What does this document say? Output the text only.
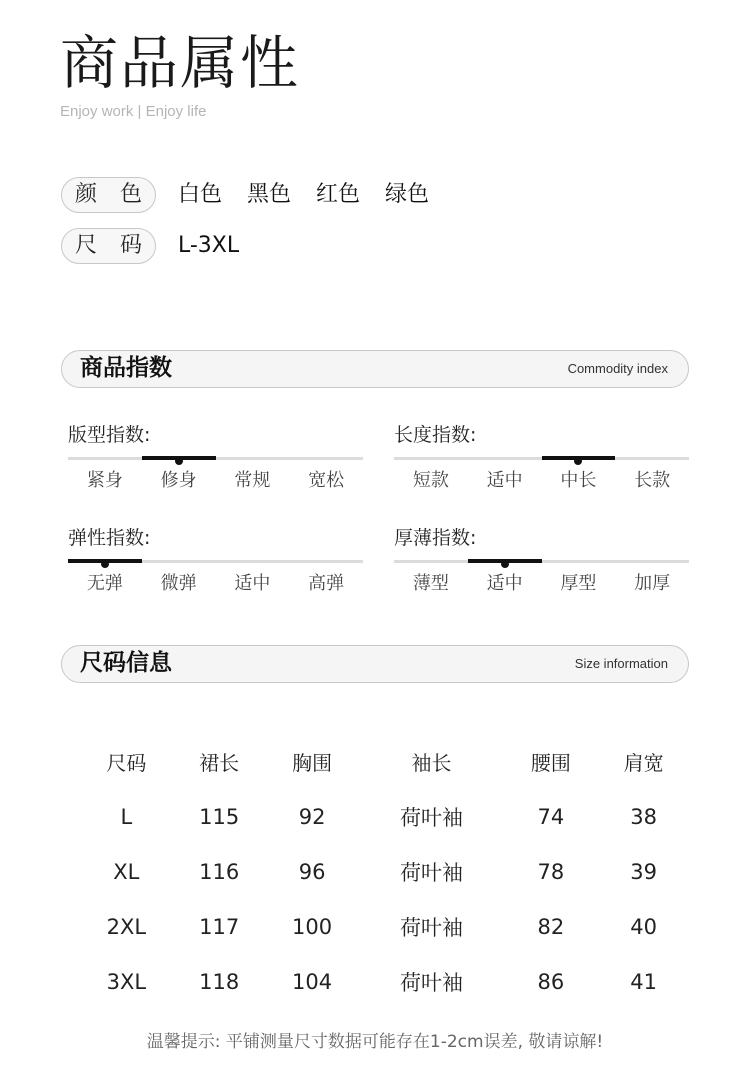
商品属性
Enjoy work | Enjoy life
颜 色 白色 黑色 红色 绿色
尺 码 L-3XL
商品指数	Commodity index
版型指数:
紧身	修身	常规	宽松
长度指数:
短款	适中	中长	长款
弹性指数:
无弹	微弹	适中	高弹
厚薄指数:
薄型	适中	厚型	加厚
尺码信息	Size information
尺码	裙长	胸围	袖长	腰围	肩宽
L	115	92	荷叶袖	74	38
XL	116	96	荷叶袖	78	39
2XL	117	100	荷叶袖	82	40
3XL	118	104	荷叶袖	86	41
温馨提示: 平铺测量尺寸数据可能存在1-2cm误差, 敬请谅解!
